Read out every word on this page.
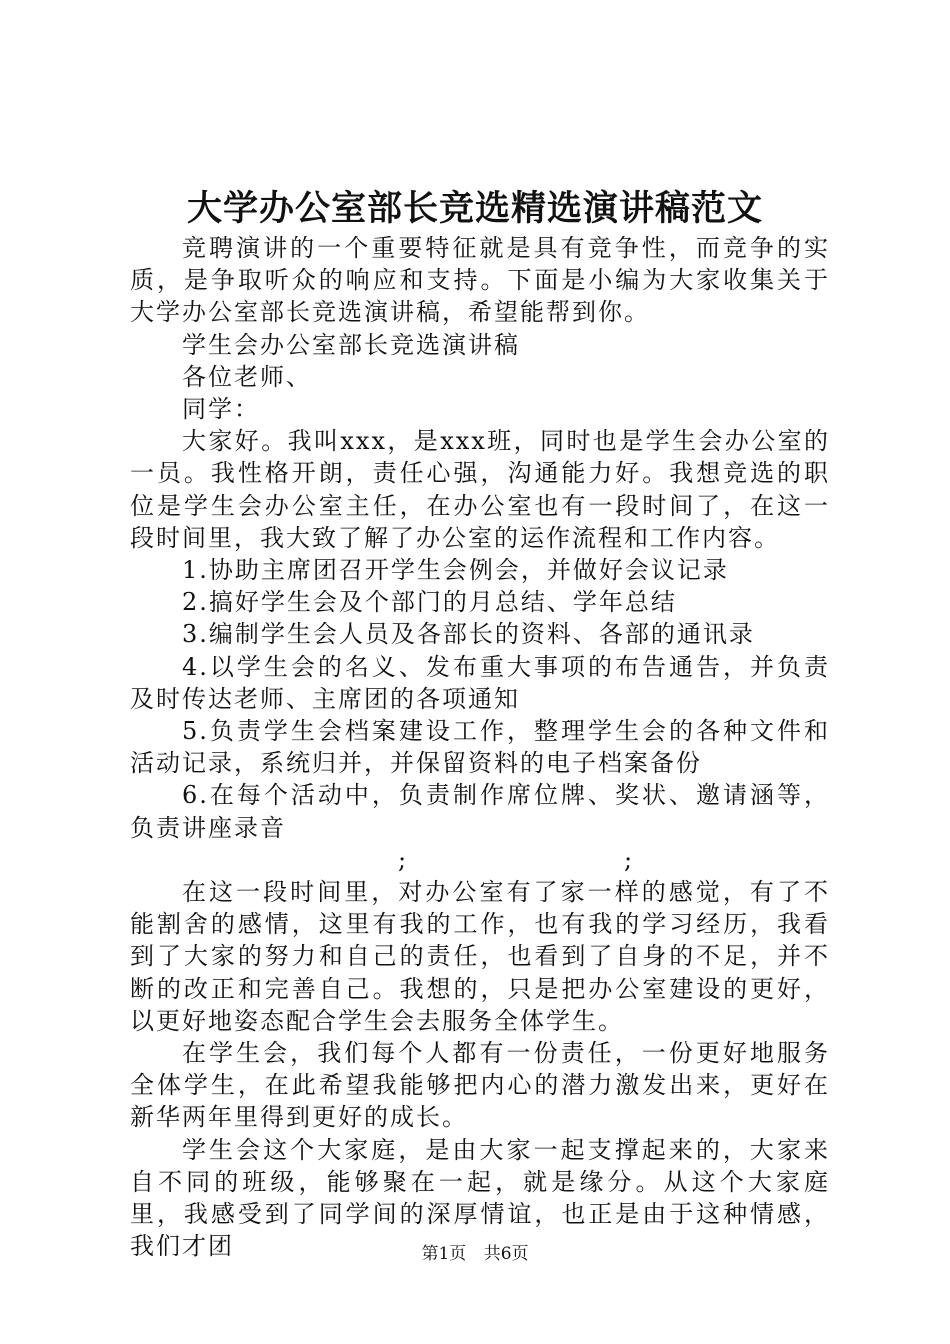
大学办公室部长竞选精选演讲稿范文

竞聘演讲的一个重要特征就是具有竞争性，而竞争的实质，是争取听众的响应和支持。下面是小编为大家收集关于大学办公室部长竞选演讲稿，希望能帮到你。

学生会办公室部长竞选演讲稿

各位老师、

同学：

大家好。我叫xxx，是xxx班，同时也是学生会办公室的一员。我性格开朗，责任心强，沟通能力好。我想竞选的职位是学生会办公室主任，在办公室也有一段时间了，在这一段时间里，我大致了解了办公室的运作流程和工作内容。

1.协助主席团召开学生会例会，并做好会议记录

2.搞好学生会及个部门的月总结、学年总结

3.编制学生会人员及各部长的资料、各部的通讯录

4.以学生会的名义、发布重大事项的布告通告，并负责及时传达老师、主席团的各项通知

5.负责学生会档案建设工作，整理学生会的各种文件和活动记录，系统归并，并保留资料的电子档案备份

6.在每个活动中，负责制作席位牌、奖状、邀请涵等，负责讲座录音

;	;

在这一段时间里，对办公室有了家一样的感觉，有了不能割舍的感情，这里有我的工作，也有我的学习经历，我看到了大家的努力和自己的责任，也看到了自身的不足，并不断的改正和完善自己。我想的，只是把办公室建设的更好，以更好地姿态配合学生会去服务全体学生。

在学生会，我们每个人都有一份责任，一份更好地服务全体学生，在此希望我能够把内心的潜力激发出来，更好在新华两年里得到更好的成长。

学生会这个大家庭，是由大家一起支撑起来的，大家来自不同的班级，能够聚在一起，就是缘分。从这个大家庭里，我感受到了同学间的深厚情谊，也正是由于这种情感，我们才团	第1页 共6页
